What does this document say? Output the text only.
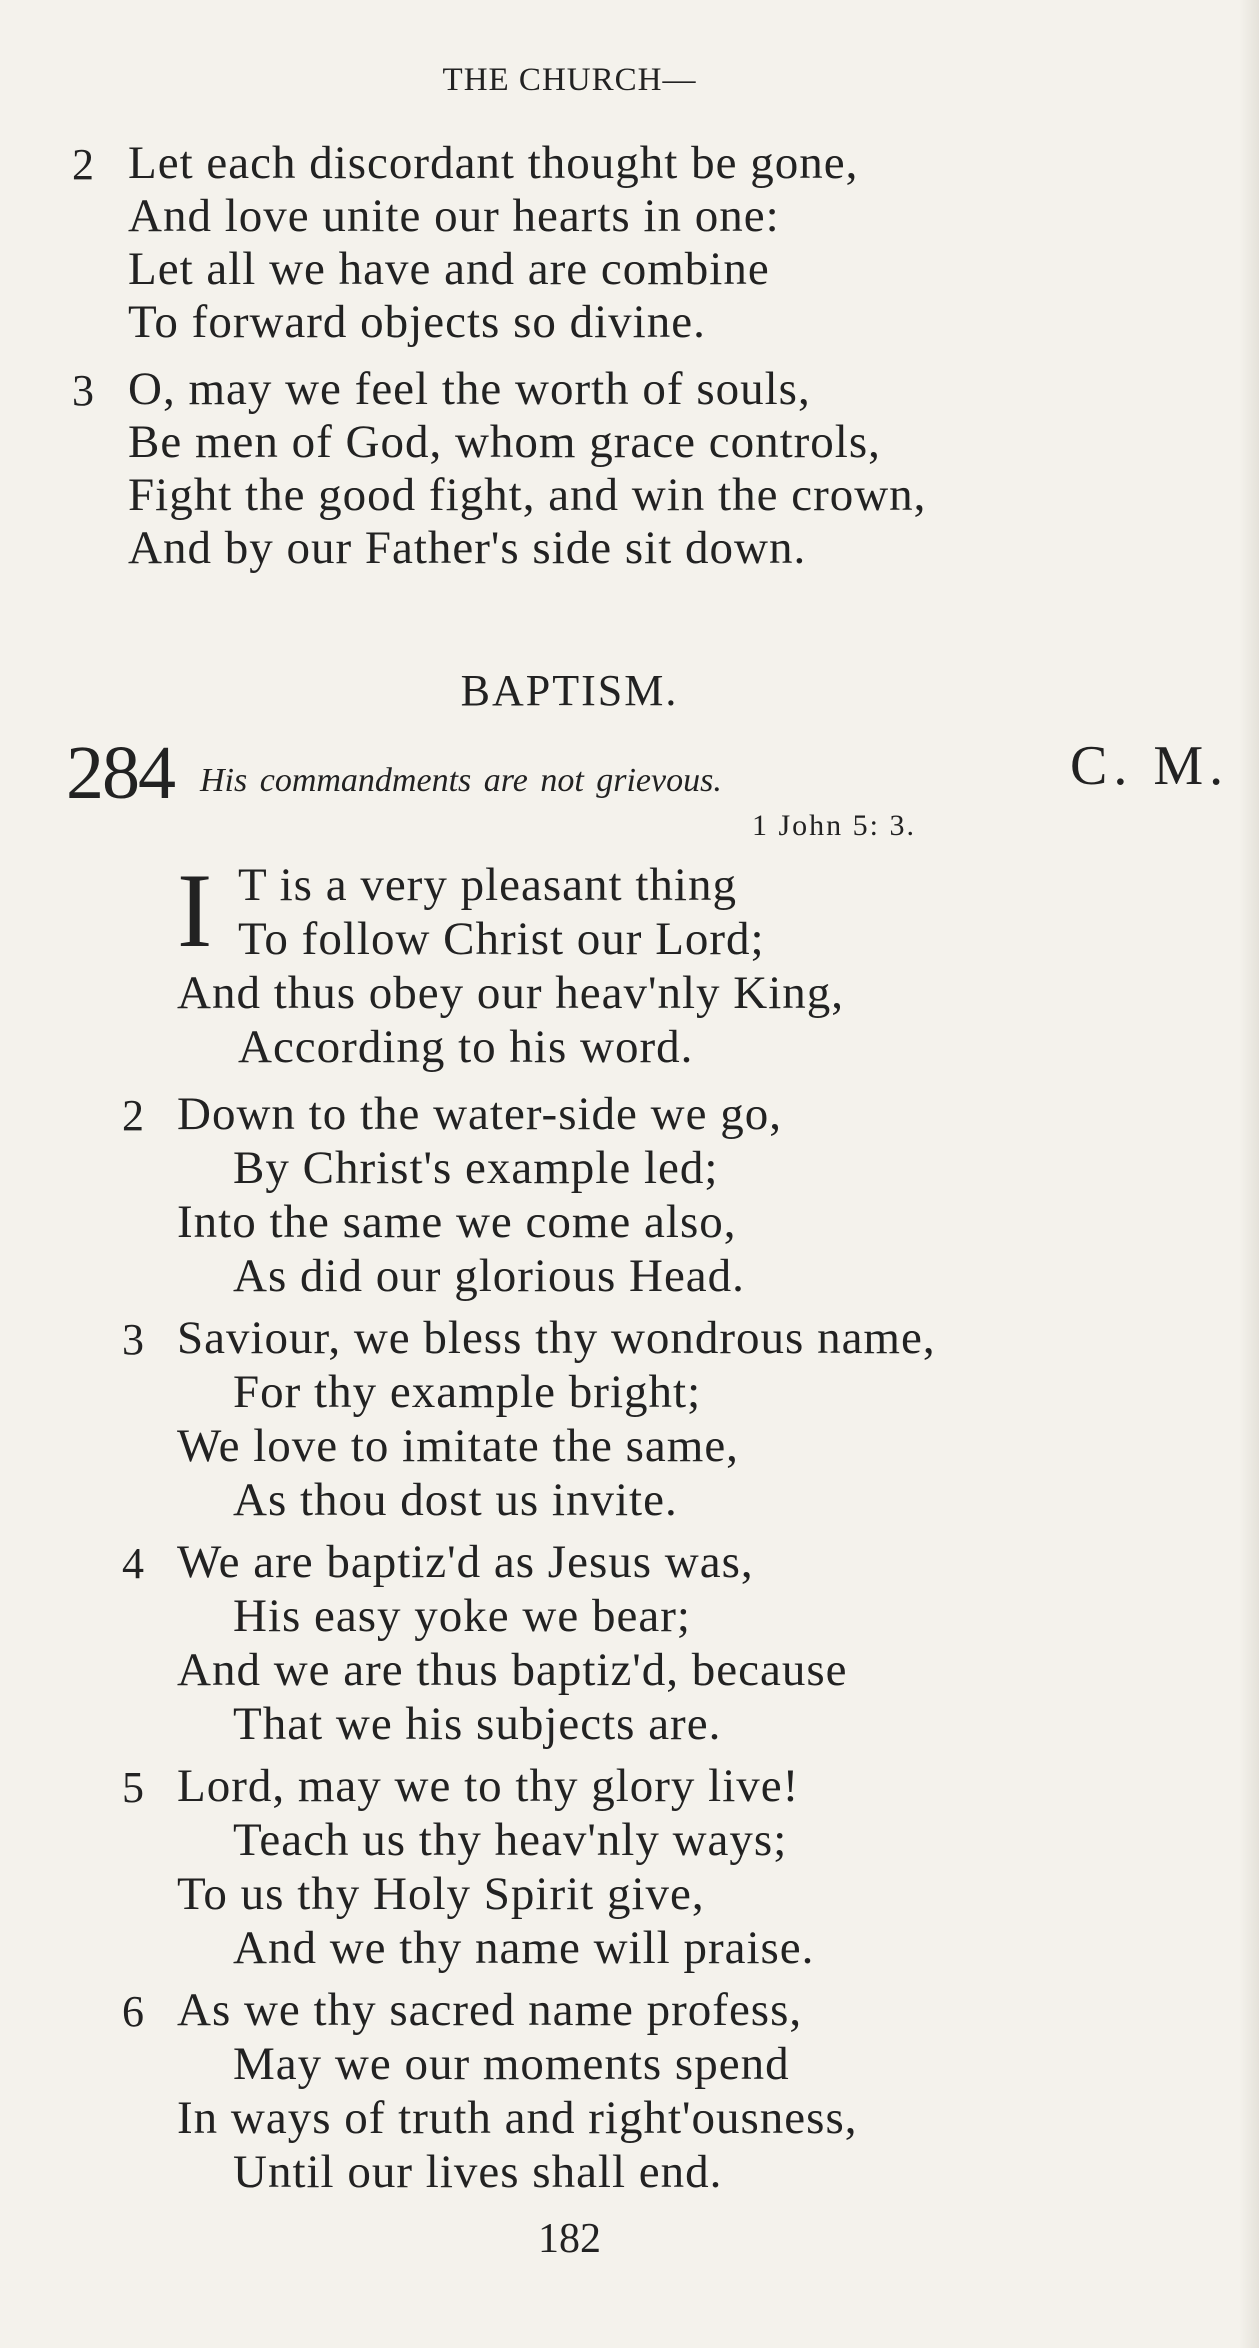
THE CHURCH—
2 Let each discordant thought be gone,
And love unite our hearts in one:
Let all we have and are combine
To forward objects so divine.
3 O, may we feel the worth of souls,
Be men of God, whom grace controls,
Fight the good fight, and win the crown,
And by our Father's side sit down.
BAPTISM.
284 His commandments are not grievous.	C. M.
1 John 5: 3.
I T is a very pleasant thing
To follow Christ our Lord;
And thus obey our heav'nly King,
According to his word.
2 Down to the water-side we go,
By Christ's example led;
Into the same we come also,
As did our glorious Head.
3 Saviour, we bless thy wondrous name,
For thy example bright;
We love to imitate the same,
As thou dost us invite.
4 We are baptiz'd as Jesus was,
His easy yoke we bear;
And we are thus baptiz'd, because
That we his subjects are.
5 Lord, may we to thy glory live!
Teach us thy heav'nly ways;
To us thy Holy Spirit give,
And we thy name will praise.
6 As we thy sacred name profess,
May we our moments spend
In ways of truth and right'ousness,
Until our lives shall end.
182
